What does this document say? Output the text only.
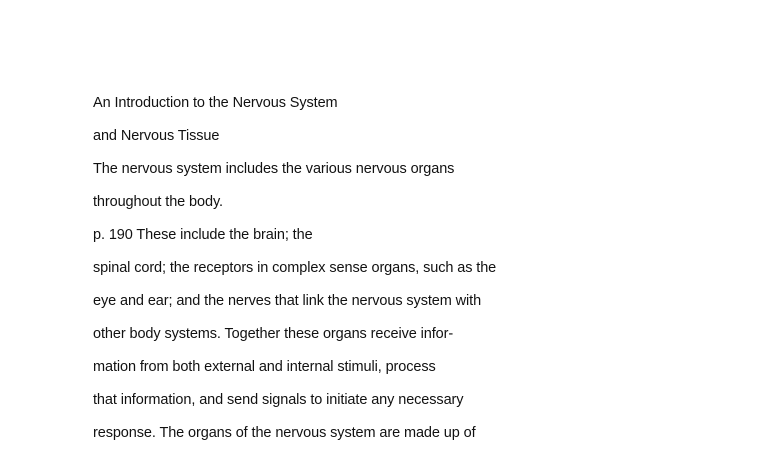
An Introduction to the Nervous System
and Nervous Tissue
The nervous system includes the various nervous organs
throughout the body.
p. 190 These include the brain; the
spinal cord; the receptors in complex sense organs, such as the
eye and ear; and the nerves that link the nervous system with
other body systems. Together these organs receive infor-
mation from both external and internal stimuli, process
that information, and send signals to initiate any necessary
response. The organs of the nervous system are made up of
